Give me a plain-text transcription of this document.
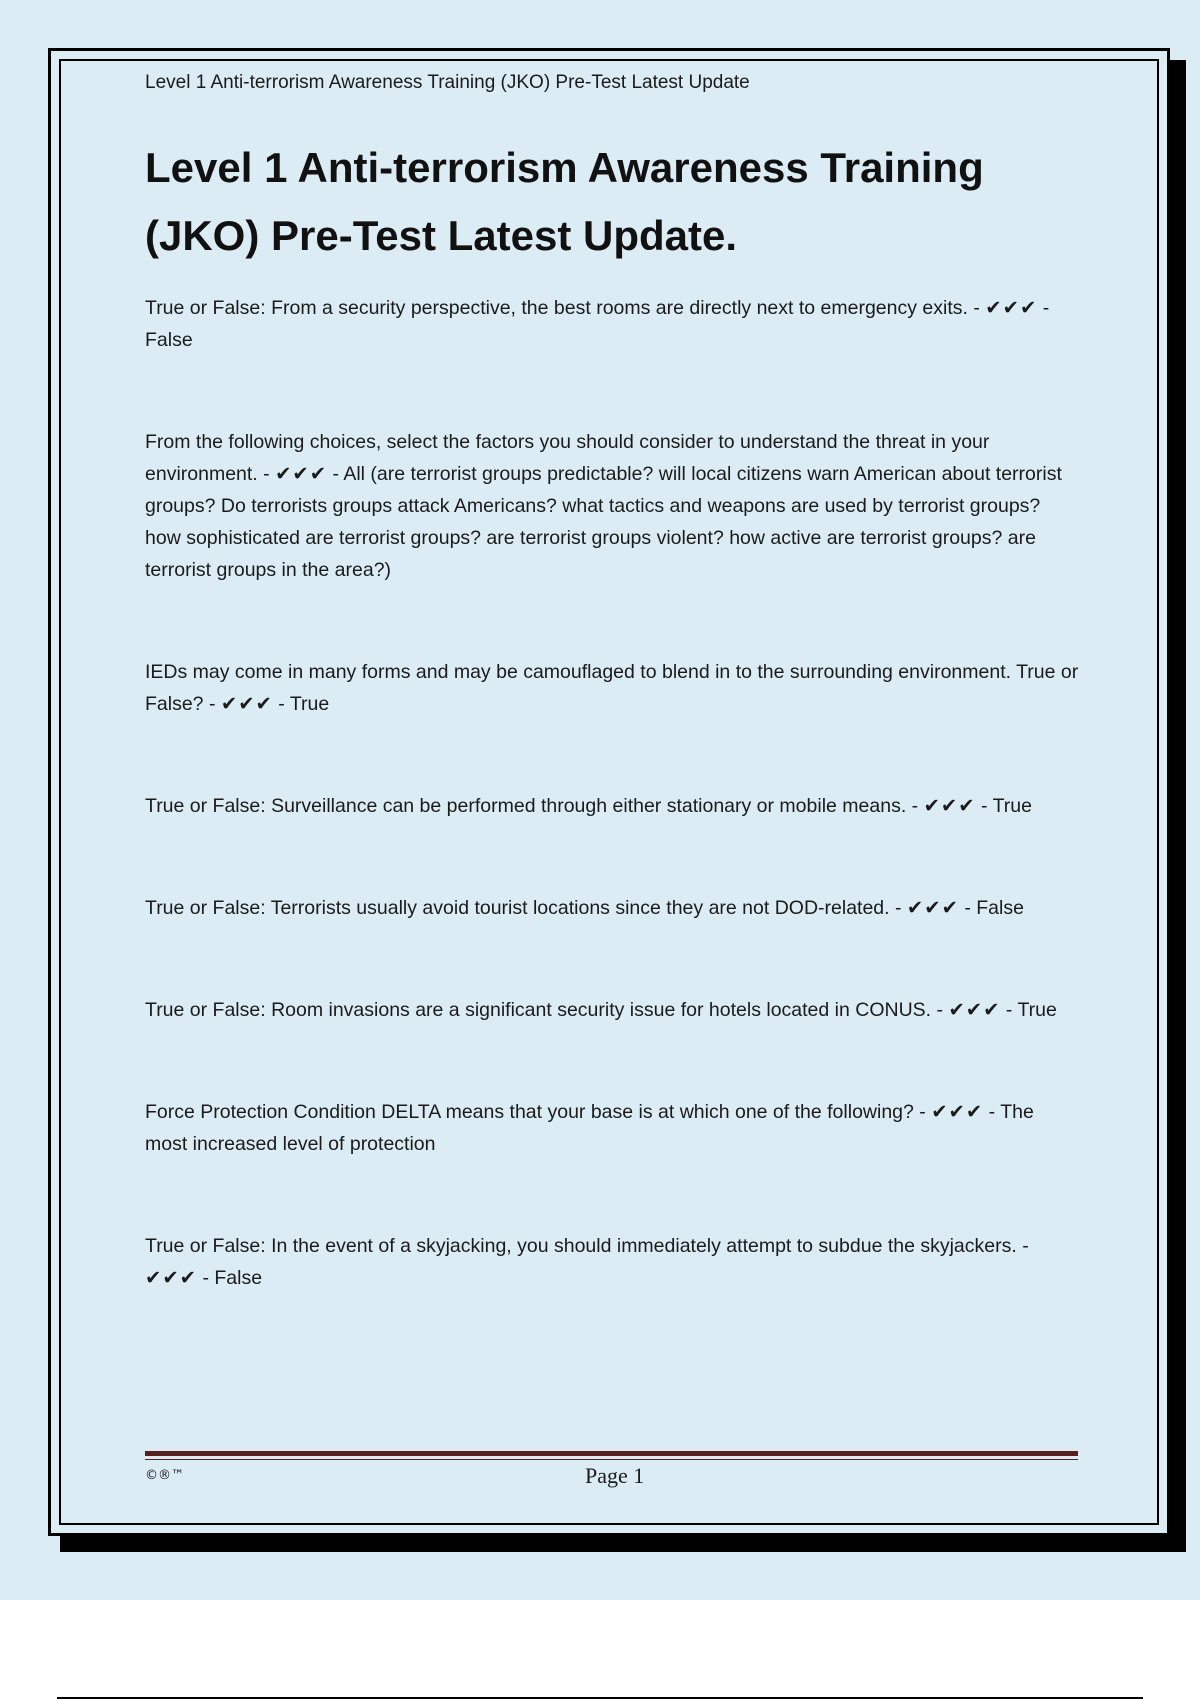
Level 1 Anti-terrorism Awareness Training (JKO) Pre-Test Latest Update

Level 1 Anti-terrorism Awareness Training (JKO) Pre-Test Latest Update.

True or False: From a security perspective, the best rooms are directly next to emergency exits. - ✔✔✔ - False

From the following choices, select the factors you should consider to understand the threat in your environment. - ✔✔✔ - All (are terrorist groups predictable? will local citizens warn American about terrorist groups? Do terrorists groups attack Americans? what tactics and weapons are used by terrorist groups? how sophisticated are terrorist groups? are terrorist groups violent? how active are terrorist groups? are terrorist groups in the area?)

IEDs may come in many forms and may be camouflaged to blend in to the surrounding environment. True or False? - ✔✔✔ - True

True or False: Surveillance can be performed through either stationary or mobile means. - ✔✔✔ - True

True or False: Terrorists usually avoid tourist locations since they are not DOD-related. - ✔✔✔ - False

True or False: Room invasions are a significant security issue for hotels located in CONUS. - ✔✔✔ - True

Force Protection Condition DELTA means that your base is at which one of the following? - ✔✔✔ - The most increased level of protection

True or False: In the event of a skyjacking, you should immediately attempt to subdue the skyjackers. - ✔✔✔ - False

©®™	Page 1
